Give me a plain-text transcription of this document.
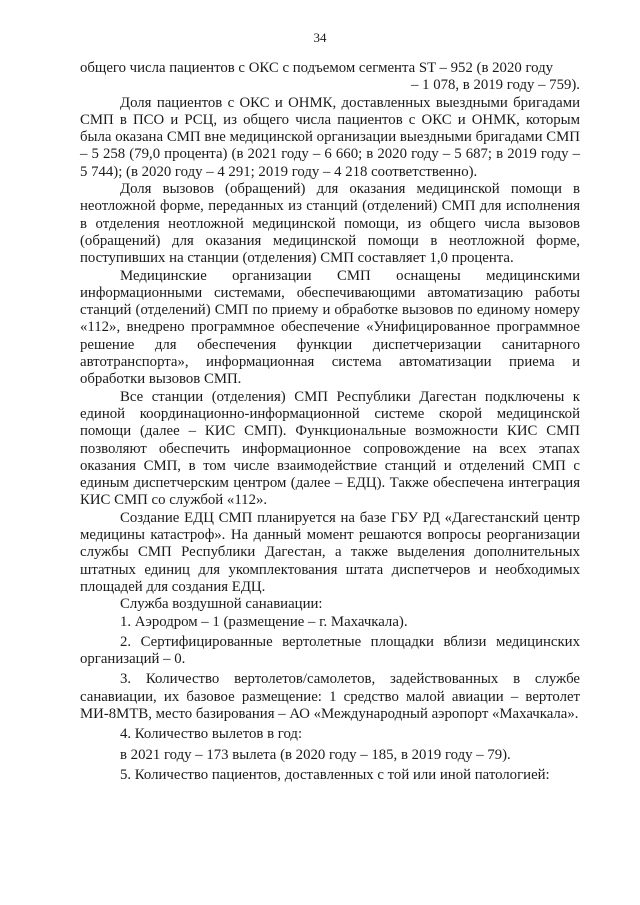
34

общего числа пациентов с ОКС с подъемом сегмента ST – 952 (в 2020 году

– 1 078, в 2019 году – 759).

Доля пациентов с ОКС и ОНМК, доставленных выездными бригадами СМП в ПСО и РСЦ, из общего числа пациентов с ОКС и ОНМК, которым была оказана СМП вне медицинской организации выездными бригадами СМП – 5 258 (79,0 процента) (в 2021 году – 6 660; в 2020 году – 5 687; в 2019 году – 5 744); (в 2020 году – 4 291; 2019 году – 4 218 соответственно).

Доля вызовов (обращений) для оказания медицинской помощи в неотложной форме, переданных из станций (отделений) СМП для исполнения в отделения неотложной медицинской помощи, из общего числа вызовов (обращений) для оказания медицинской помощи в неотложной форме, поступивших на станции (отделения) СМП составляет 1,0 процента.

Медицинские организации СМП оснащены медицинскими информационными системами, обеспечивающими автоматизацию работы станций (отделений) СМП по приему и обработке вызовов по единому номеру «112», внедрено программное обеспечение «Унифицированное программное решение для обеспечения функции диспетчеризации санитарного автотранспорта», информационная система автоматизации приема и обработки вызовов СМП.

Все станции (отделения) СМП Республики Дагестан подключены к единой координационно-информационной системе скорой медицинской помощи (далее – КИС СМП). Функциональные возможности КИС СМП позволяют обеспечить информационное сопровождение на всех этапах оказания СМП, в том числе взаимодействие станций и отделений СМП с единым диспетчерским центром (далее – ЕДЦ). Также обеспечена интеграция КИС СМП со службой «112».

Создание ЕДЦ СМП планируется на базе ГБУ РД «Дагестанский центр медицины катастроф». На данный момент решаются вопросы реорганизации службы СМП Республики Дагестан, а также выделения дополнительных штатных единиц для укомплектования штата диспетчеров и необходимых площадей для создания ЕДЦ.

Служба воздушной санавиации:

1. Аэродром – 1 (размещение – г. Махачкала).

2. Сертифицированные вертолетные площадки вблизи медицинских организаций – 0.

3. Количество вертолетов/самолетов, задействованных в службе санавиации, их базовое размещение: 1 средство малой авиации – вертолет МИ-8МТВ, место базирования – АО «Международный аэропорт «Махачкала».

4. Количество вылетов в год:

в 2021 году – 173 вылета (в 2020 году – 185, в 2019 году – 79).

5. Количество пациентов, доставленных с той или иной патологией:
